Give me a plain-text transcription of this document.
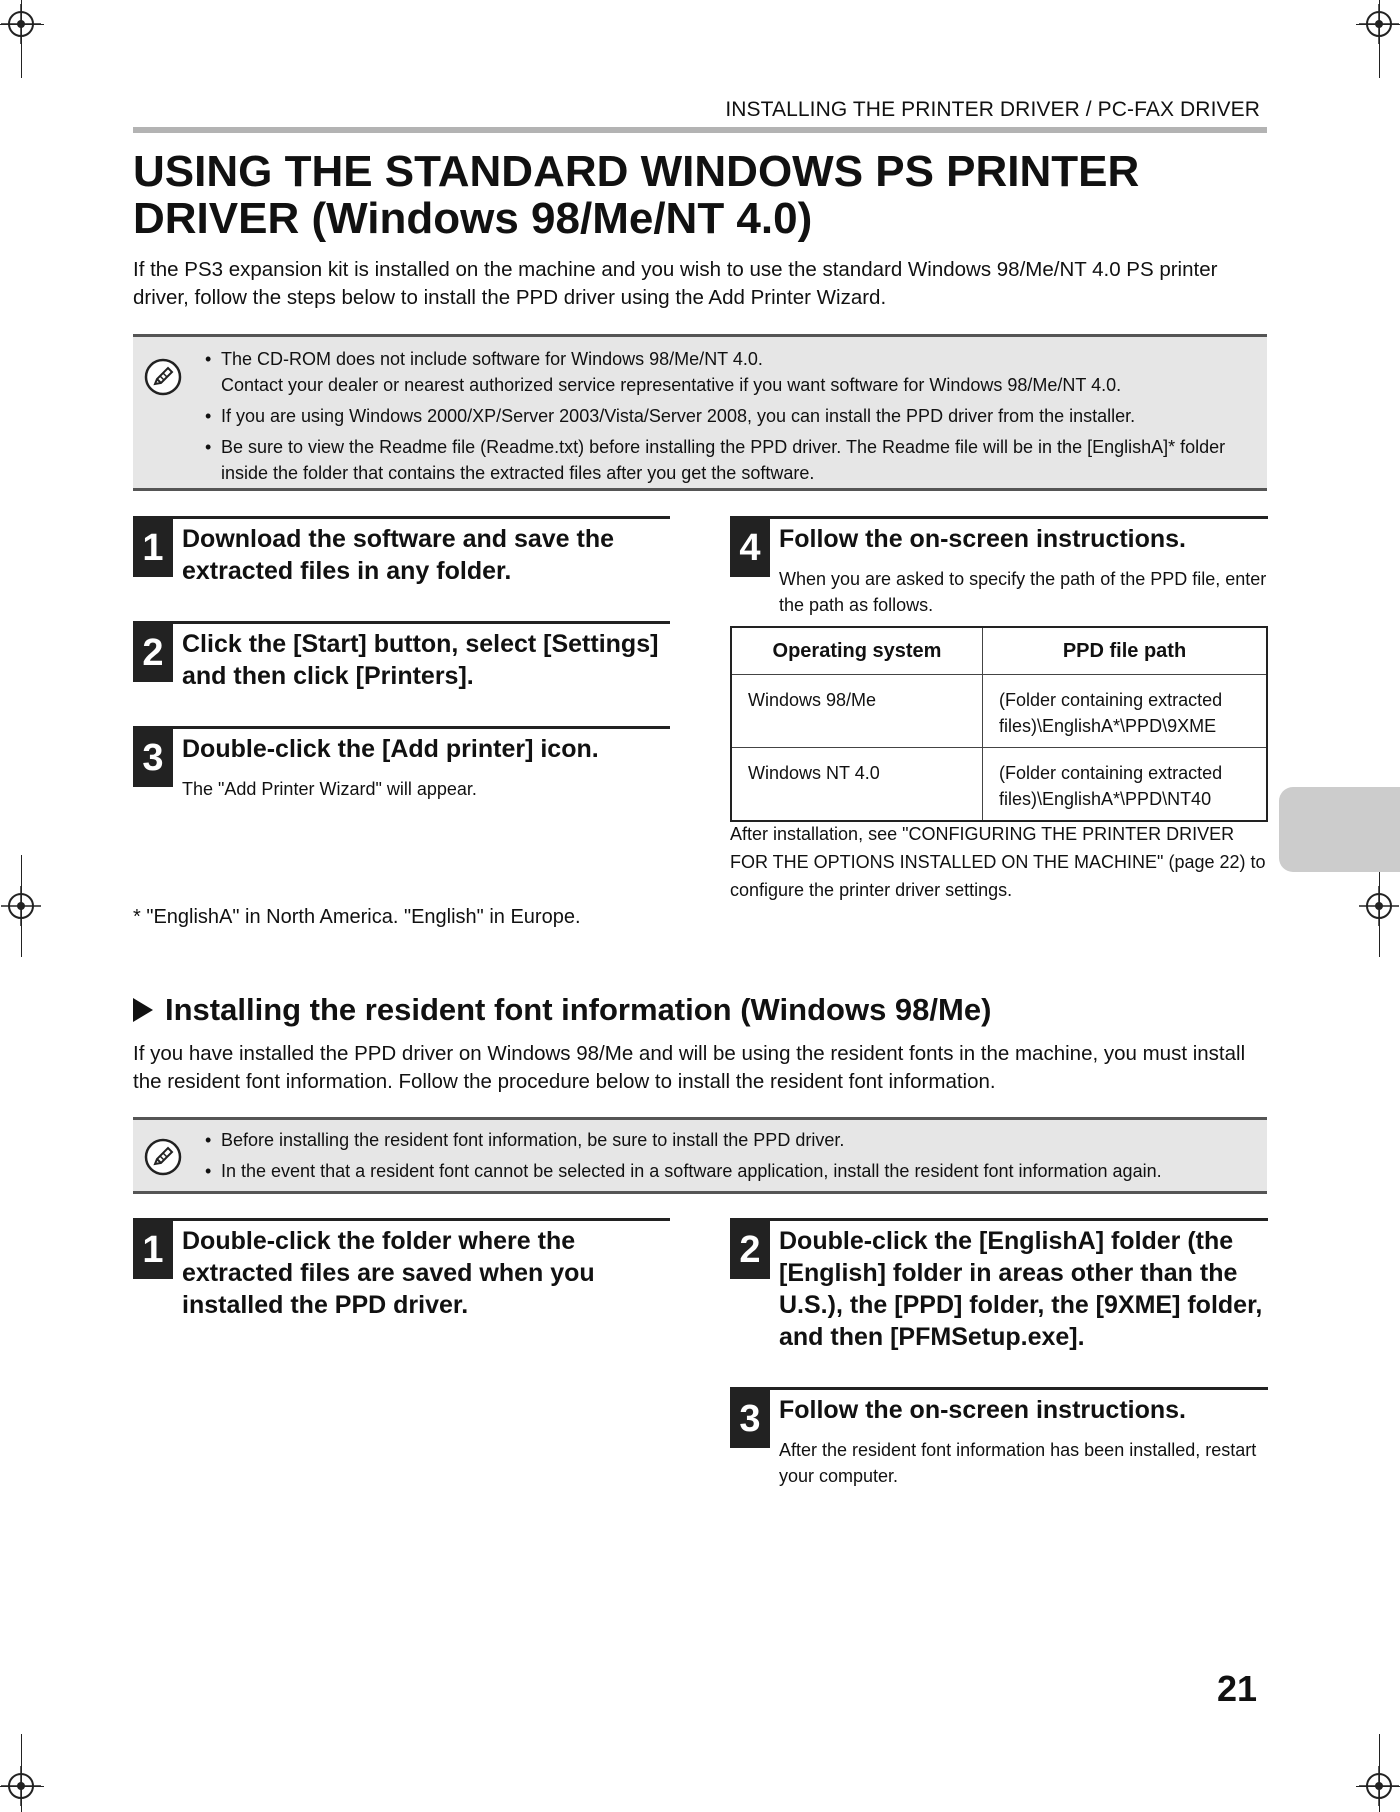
INSTALLING THE PRINTER DRIVER / PC-FAX DRIVER
USING THE STANDARD WINDOWS PS PRINTER
DRIVER (Windows 98/Me/NT 4.0)

If the PS3 expansion kit is installed on the machine and you wish to use the standard Windows 98/Me/NT 4.0 PS printer driver, follow the steps below to install the PPD driver using the Add Printer Wizard.

• The CD-ROM does not include software for Windows 98/Me/NT 4.0.
Contact your dealer or nearest authorized service representative if you want software for Windows 98/Me/NT 4.0.
• If you are using Windows 2000/XP/Server 2003/Vista/Server 2008, you can install the PPD driver from the installer.
• Be sure to view the Readme file (Readme.txt) before installing the PPD driver. The Readme file will be in the [EnglishA]* folder inside the folder that contains the extracted files after you get the software.
1 Download the software and save the extracted files in any folder.

2 Click the [Start] button, select [Settings] and then click [Printers].

3 Double-click the [Add printer] icon.

The "Add Printer Wizard" will appear.

4 Follow the on-screen instructions.

When you are asked to specify the path of the PPD file, enter the path as follows.

Operating system	PPD file path
Windows 98/Me	(Folder containing extracted
files)\EnglishA*\PPD\9XME
Windows NT 4.0	(Folder containing extracted
files)\EnglishA*\PPD\NT40

After installation, see "CONFIGURING THE PRINTER DRIVER FOR THE OPTIONS INSTALLED ON THE MACHINE" (page 22) to configure the printer driver settings.

* "EnglishA" in North America. "English" in Europe.

Installing the resident font information (Windows 98/Me)

If you have installed the PPD driver on Windows 98/Me and will be using the resident fonts in the machine, you must install the resident font information. Follow the procedure below to install the resident font information.

• Before installing the resident font information, be sure to install the PPD driver.
• In the event that a resident font cannot be selected in a software application, install the resident font information again.
1 Double-click the folder where the extracted files are saved when you installed the PPD driver.

2 Double-click the [EnglishA] folder (the [English] folder in areas other than the U.S.), the [PPD] folder, the [9XME] folder, and then [PFMSetup.exe].

3 Follow the on-screen instructions.

After the resident font information has been installed, restart your computer.

21
